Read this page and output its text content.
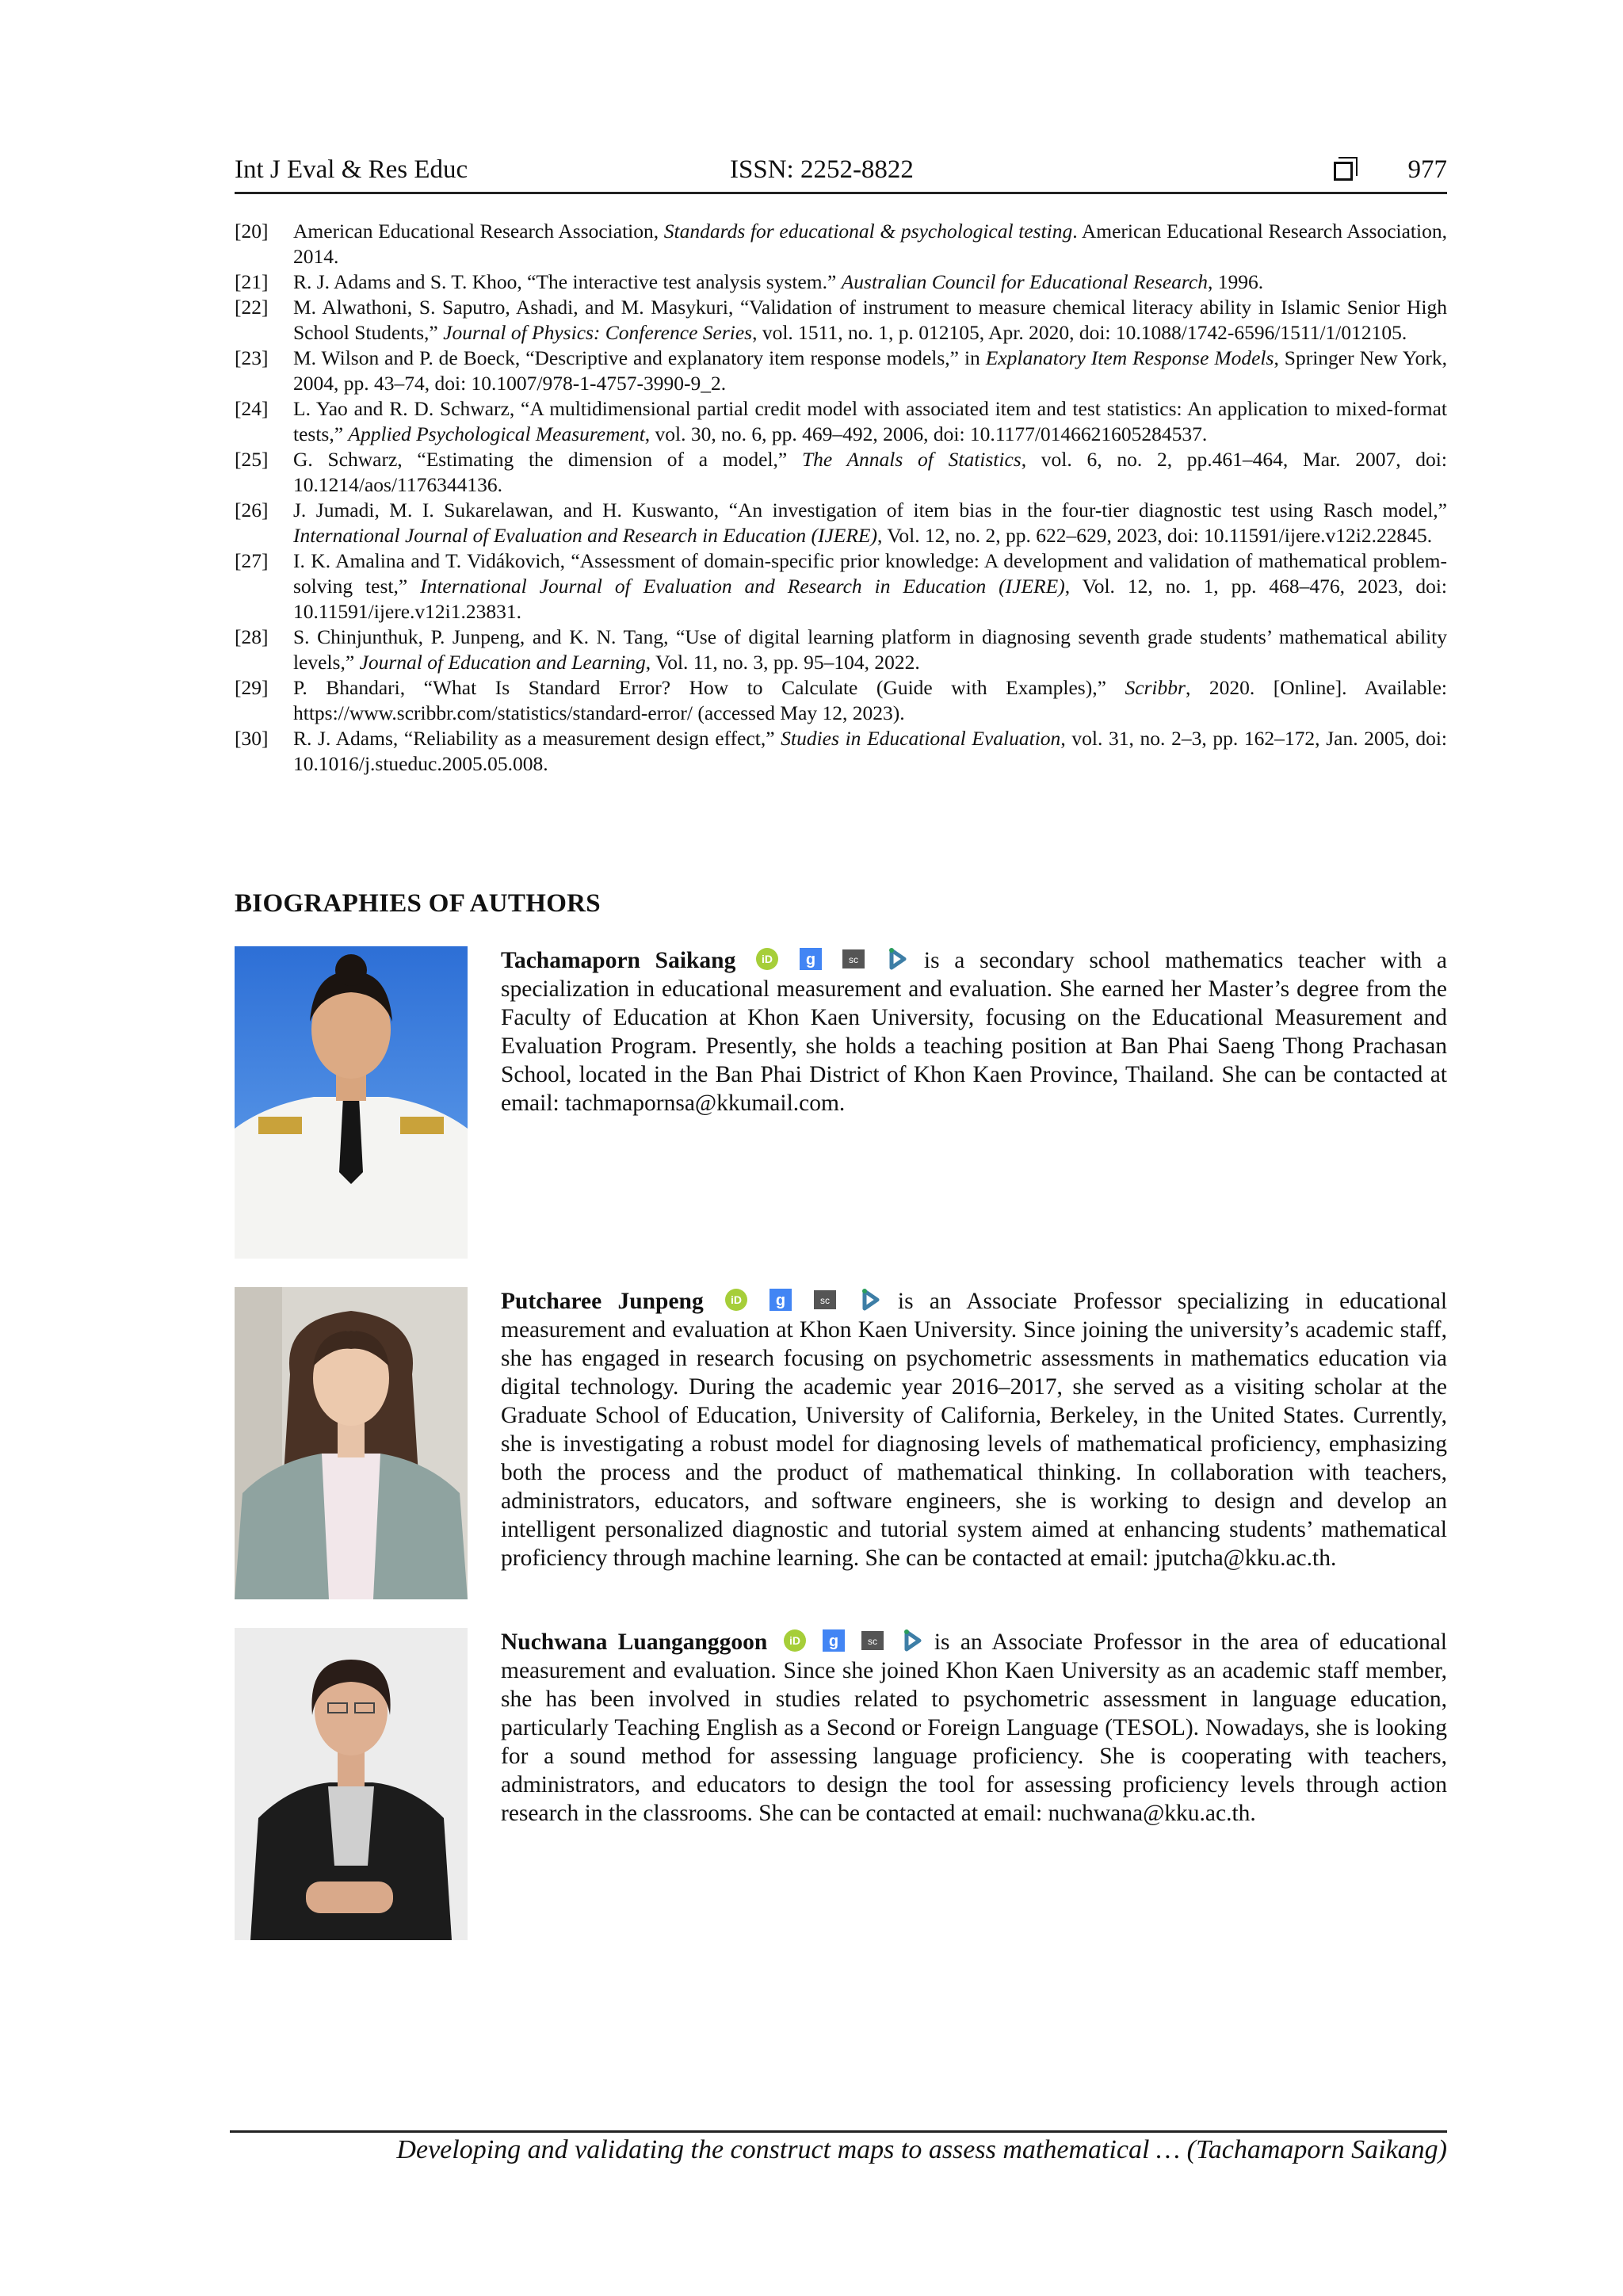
Int J Eval & Res Educ	ISSN: 2252-8822	977
[20] American Educational Research Association, Standards for educational & psychological testing. American Educational Research Association, 2014.
[21] R. J. Adams and S. T. Khoo, “The interactive test analysis system.” Australian Council for Educational Research, 1996.
[22] M. Alwathoni, S. Saputro, Ashadi, and M. Masykuri, “Validation of instrument to measure chemical literacy ability in Islamic Senior High School Students,” Journal of Physics: Conference Series, vol. 1511, no. 1, p. 012105, Apr. 2020, doi: 10.1088/1742-6596/1511/1/012105.
[23] M. Wilson and P. de Boeck, “Descriptive and explanatory item response models,” in Explanatory Item Response Models, Springer New York, 2004, pp. 43–74, doi: 10.1007/978-1-4757-3990-9_2.
[24] L. Yao and R. D. Schwarz, “A multidimensional partial credit model with associated item and test statistics: An application to mixed-format tests,” Applied Psychological Measurement, vol. 30, no. 6, pp. 469–492, 2006, doi: 10.1177/0146621605284537.
[25] G. Schwarz, “Estimating the dimension of a model,” The Annals of Statistics, vol. 6, no. 2, pp.461–464, Mar. 2007, doi: 10.1214/aos/1176344136.
[26] J. Jumadi, M. I. Sukarelawan, and H. Kuswanto, “An investigation of item bias in the four-tier diagnostic test using Rasch model,” International Journal of Evaluation and Research in Education (IJERE), Vol. 12, no. 2, pp. 622–629, 2023, doi: 10.11591/ijere.v12i2.22845.
[27] I. K. Amalina and T. Vidákovich, “Assessment of domain-specific prior knowledge: A development and validation of mathematical problem-solving test,” International Journal of Evaluation and Research in Education (IJERE), Vol. 12, no. 1, pp. 468–476, 2023, doi: 10.11591/ijere.v12i1.23831.
[28] S. Chinjunthuk, P. Junpeng, and K. N. Tang, “Use of digital learning platform in diagnosing seventh grade students’ mathematical ability levels,” Journal of Education and Learning, Vol. 11, no. 3, pp. 95–104, 2022.
[29] P. Bhandari, “What Is Standard Error? How to Calculate (Guide with Examples),” Scribbr, 2020. [Online]. Available: https://www.scribbr.com/statistics/standard-error/ (accessed May 12, 2023).
[30] R. J. Adams, “Reliability as a measurement design effect,” Studies in Educational Evaluation, vol. 31, no. 2–3, pp. 162–172, Jan. 2005, doi: 10.1016/j.stueduc.2005.05.008.
BIOGRAPHIES OF AUTHORS
Tachamaporn Saikang iD
g
	sc
is a secondary school mathematics teacher with a specialization in educational measurement and evaluation. She earned her Master’s degree from the Faculty of Education at Khon Kaen University, focusing on the Educational Measurement and Evaluation Program. Presently, she holds a teaching position at Ban Phai Saeng Thong Prachasan School, located in the Ban Phai District of Khon Kaen Province, Thailand. She can be contacted at email: tachmapornsa@kkumail.com.
Putcharee Junpeng iD
g
	sc
is an Associate Professor specializing in educational measurement and evaluation at Khon Kaen University. Since joining the university’s academic staff, she has engaged in research focusing on psychometric assessments in mathematics education via digital technology. During the academic year 2016–2017, she served as a visiting scholar at the Graduate School of Education, University of California, Berkeley, in the United States. Currently, she is investigating a robust model for diagnosing levels of mathematical proficiency, emphasizing both the process and the product of mathematical thinking. In collaboration with teachers, administrators, educators, and software engineers, she is working to design and develop an intelligent personalized diagnostic and tutorial system aimed at enhancing students’ mathematical proficiency through machine learning. She can be contacted at email: jputcha@kku.ac.th.
Nuchwana Luanganggoon iD
g
	sc
is an Associate Professor in the area of educational measurement and evaluation. Since she joined Khon Kaen University as an academic staff member, she has been involved in studies related to psychometric assessment in language education, particularly Teaching English as a Second or Foreign Language (TESOL). Nowadays, she is looking for a sound method for assessing language proficiency. She is cooperating with teachers, administrators, and educators to design the tool for assessing proficiency levels through action research in the classrooms. She can be contacted at email: nuchwana@kku.ac.th.
Developing and validating the construct maps to assess mathematical … (Tachamaporn Saikang)
